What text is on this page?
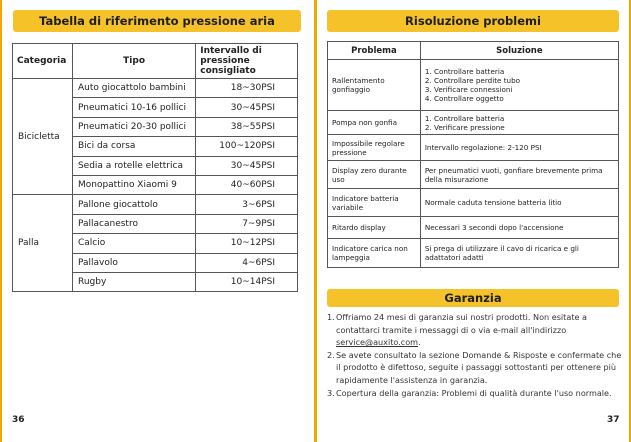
Tabella di riferimento pressione aria
Categoria	Tipo	Intervallo di pressione consigliato
Bicicletta	Auto giocattolo bambini	18~30PSI
	Pneumatici 10-16 pollici	30~45PSI
	Pneumatici 20-30 pollici	38~55PSI
	Bici da corsa	100~120PSI
	Sedia a rotelle elettrica	30~45PSI
	Monopattino Xiaomi 9	40~60PSI
Palla	Pallone giocattolo	3~6PSI
	Pallacanestro	7~9PSI
	Calcio	10~12PSI
	Pallavolo	4~6PSI
	Rugby	10~14PSI
36
Risoluzione problemi
Problema	Soluzione
Rallentamento gonfiaggio	1. Controllare batteria
2. Controllare perdite tubo
3. Verificare connessioni
4. Controllare oggetto

Pompa non gonfia	1. Controllare batteria
2. Verificare pressione

Impossibile regolare pressione	Intervallo regolazione: 2-120 PSI
Display zero durante uso	Per pneumatici vuoti, gonfiare brevemente prima della misurazione
Indicatore batteria variabile	Normale caduta tensione batteria litio
Ritardo display	Necessari 3 secondi dopo l'accensione
Indicatore carica non lampeggia	Si prega di utilizzare il cavo di ricarica e gli adattatori adatti
Garanzia
1. Offriamo 24 mesi di garanzia sui nostri prodotti. Non esitate a contattarci tramite i messaggi di o via e-mail all'indirizzo service@auxito.com.
2. Se avete consultato la sezione Domande & Risposte e confermate che il prodotto è difettoso, seguite i passaggi sottostanti per ottenere più rapidamente l'assistenza in garanzia.
3. Copertura della garanzia: Problemi di qualità durante l'uso normale.
37
